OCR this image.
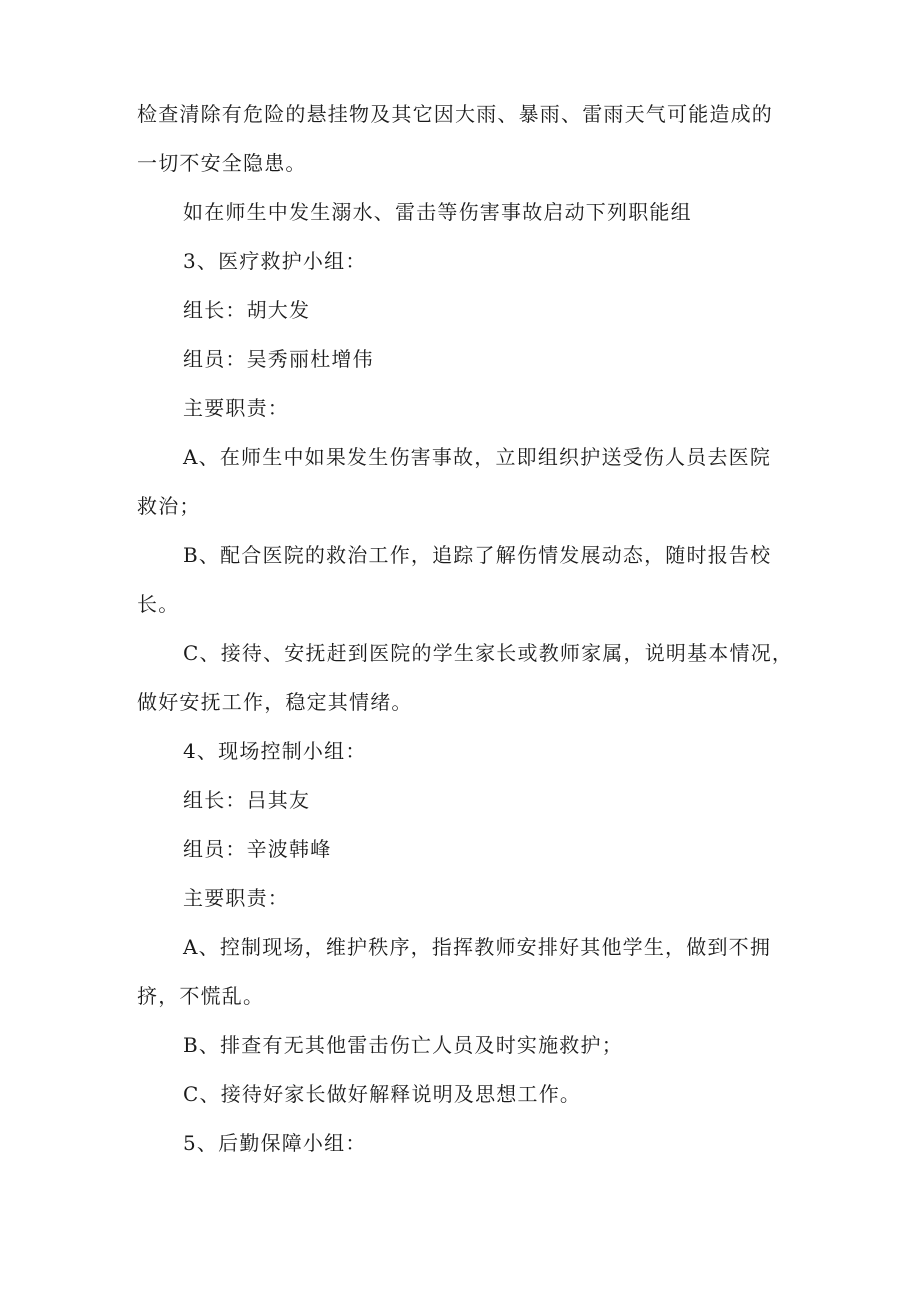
检查清除有危险的悬挂物及其它因大雨、暴雨、雷雨天气可能造成的
一切不安全隐患。
如在师生中发生溺水、雷击等伤害事故启动下列职能组
3、医疗救护小组：
组长：胡大发
组员：吴秀丽杜增伟
主要职责：
A、在师生中如果发生伤害事故，立即组织护送受伤人员去医院
救治；
B、配合医院的救治工作，追踪了解伤情发展动态，随时报告校
长。
C、接待、安抚赶到医院的学生家长或教师家属，说明基本情况，
做好安抚工作，稳定其情绪。
4、现场控制小组：
组长：吕其友
组员：辛波韩峰
主要职责：
A、控制现场，维护秩序，指挥教师安排好其他学生，做到不拥
挤，不慌乱。
B、排查有无其他雷击伤亡人员及时实施救护；
C、接待好家长做好解释说明及思想工作。
5、后勤保障小组：
